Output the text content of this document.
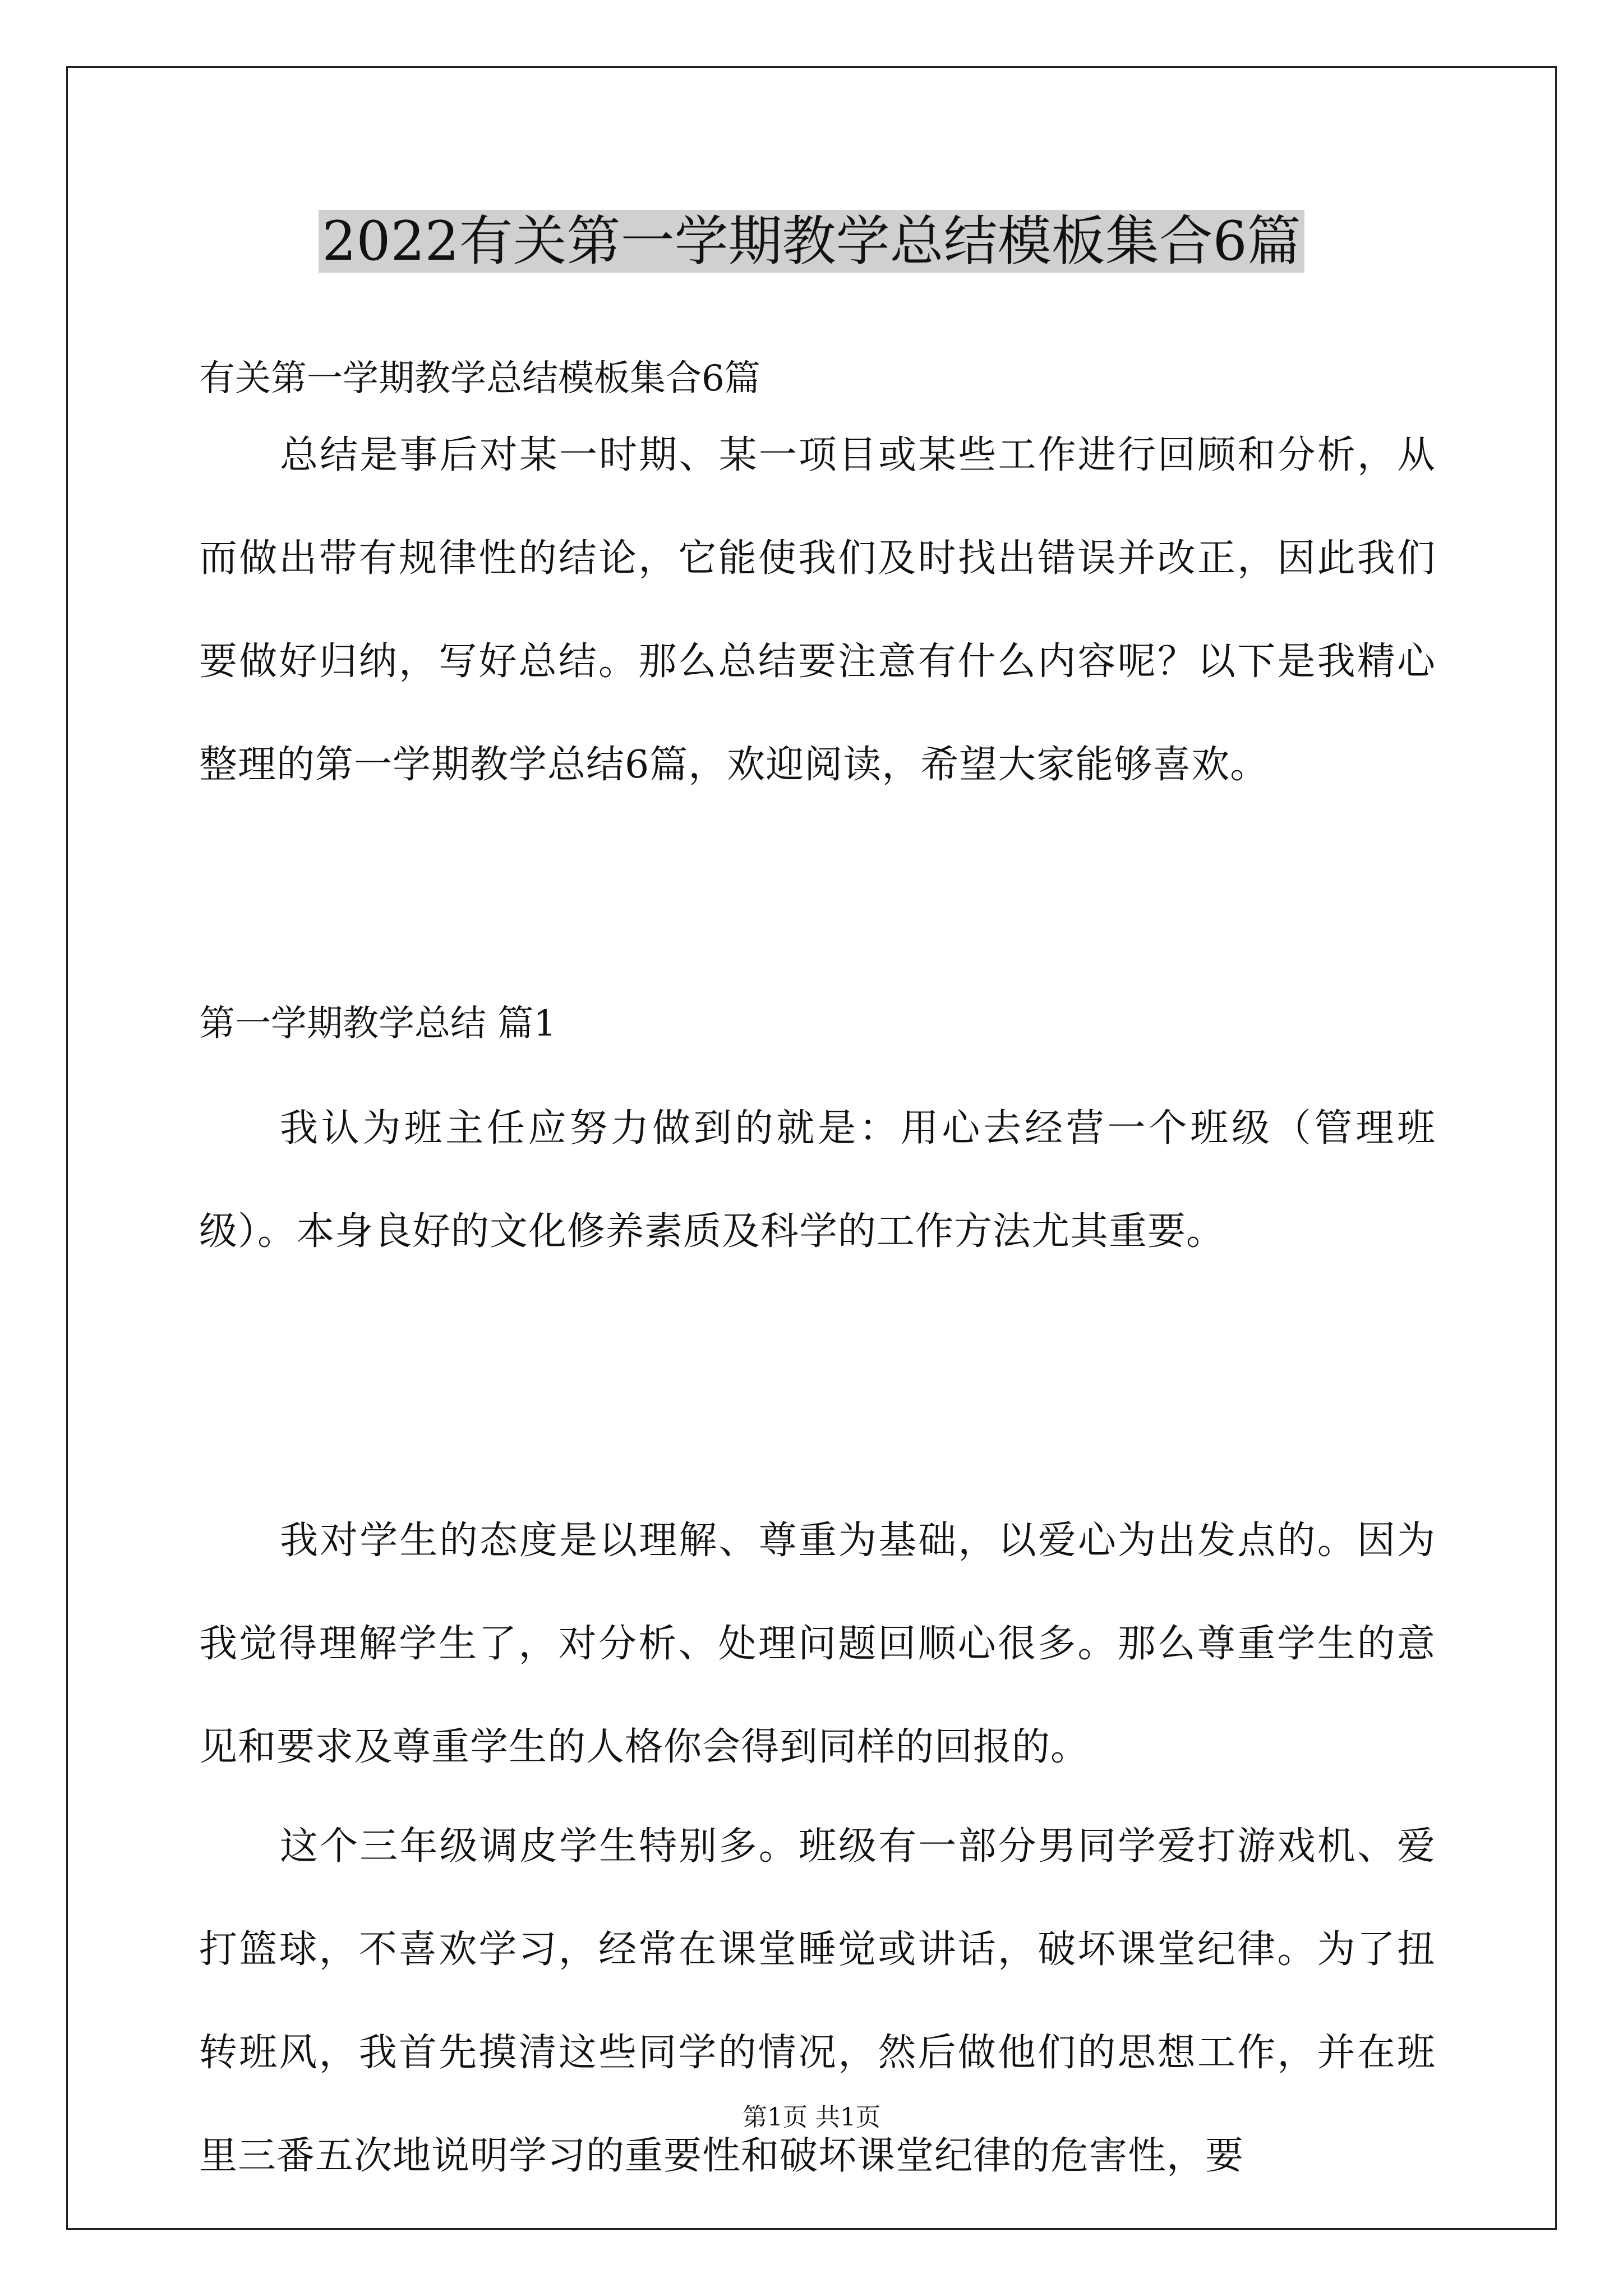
2022有关第一学期教学总结模板集合6篇

有关第一学期教学总结模板集合6篇

总结是事后对某一时期、某一项目或某些工作进行回顾和分析，从而做出带有规律性的结论，它能使我们及时找出错误并改正，因此我们要做好归纳，写好总结。那么总结要注意有什么内容呢？以下是我精心整理的第一学期教学总结6篇，欢迎阅读，希望大家能够喜欢。

第一学期教学总结 篇1

我认为班主任应努力做到的就是：用心去经营一个班级（管理班级）。本身良好的文化修养素质及科学的工作方法尤其重要。

我对学生的态度是以理解、尊重为基础，以爱心为出发点的。因为我觉得理解学生了，对分析、处理问题回顺心很多。那么尊重学生的意见和要求及尊重学生的人格你会得到同样的回报的。

这个三年级调皮学生特别多。班级有一部分男同学爱打游戏机、爱打篮球，不喜欢学习，经常在课堂睡觉或讲话，破坏课堂纪律。为了扭转班风，我首先摸清这些同学的情况，然后做他们的思想工作，并在班里三番五次地说明学习的重要性和破坏课堂纪律的危害性，要

第1页 共1页
